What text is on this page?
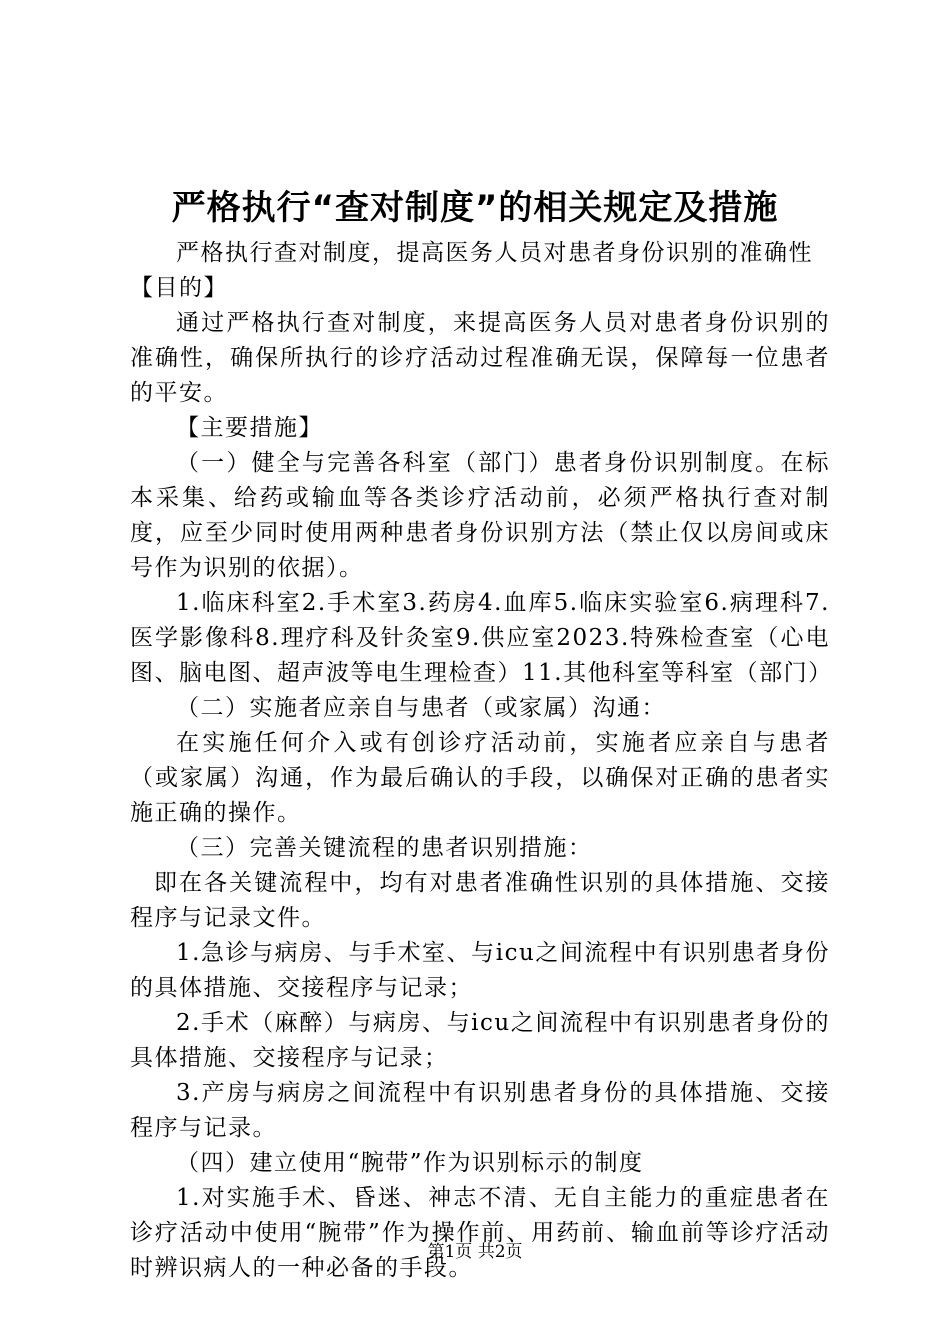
严格执行“查对制度”的相关规定及措施

严格执行查对制度，提高医务人员对患者身份识别的准确性

【目的】

通过严格执行查对制度，来提高医务人员对患者身份识别的准确性，确保所执行的诊疗活动过程准确无误，保障每一位患者的平安。

【主要措施】

（一）健全与完善各科室（部门）患者身份识别制度。在标本采集、给药或输血等各类诊疗活动前，必须严格执行查对制度，应至少同时使用两种患者身份识别方法（禁止仅以房间或床号作为识别的依据）。

1.临床科室2.手术室3.药房4.血库5.临床实验室6.病理科7.医学影像科8.理疗科及针灸室9.供应室2023.特殊检查室（心电图、脑电图、超声波等电生理检查）11.其他科室等科室（部门）

（二）实施者应亲自与患者（或家属）沟通：

在实施任何介入或有创诊疗活动前，实施者应亲自与患者（或家属）沟通，作为最后确认的手段，以确保对正确的患者实施正确的操作。

（三）完善关键流程的患者识别措施：

即在各关键流程中，均有对患者准确性识别的具体措施、交接程序与记录文件。

1.急诊与病房、与手术室、与icu之间流程中有识别患者身份的具体措施、交接程序与记录；

2.手术（麻醉）与病房、与icu之间流程中有识别患者身份的具体措施、交接程序与记录；

3.产房与病房之间流程中有识别患者身份的具体措施、交接程序与记录。

（四）建立使用“腕带”作为识别标示的制度

1.对实施手术、昏迷、神志不清、无自主能力的重症患者在诊疗活动中使用“腕带”作为操作前、用药前、输血前等诊疗活动时辨识病人的一种必备的手段。

第1页 共2页
